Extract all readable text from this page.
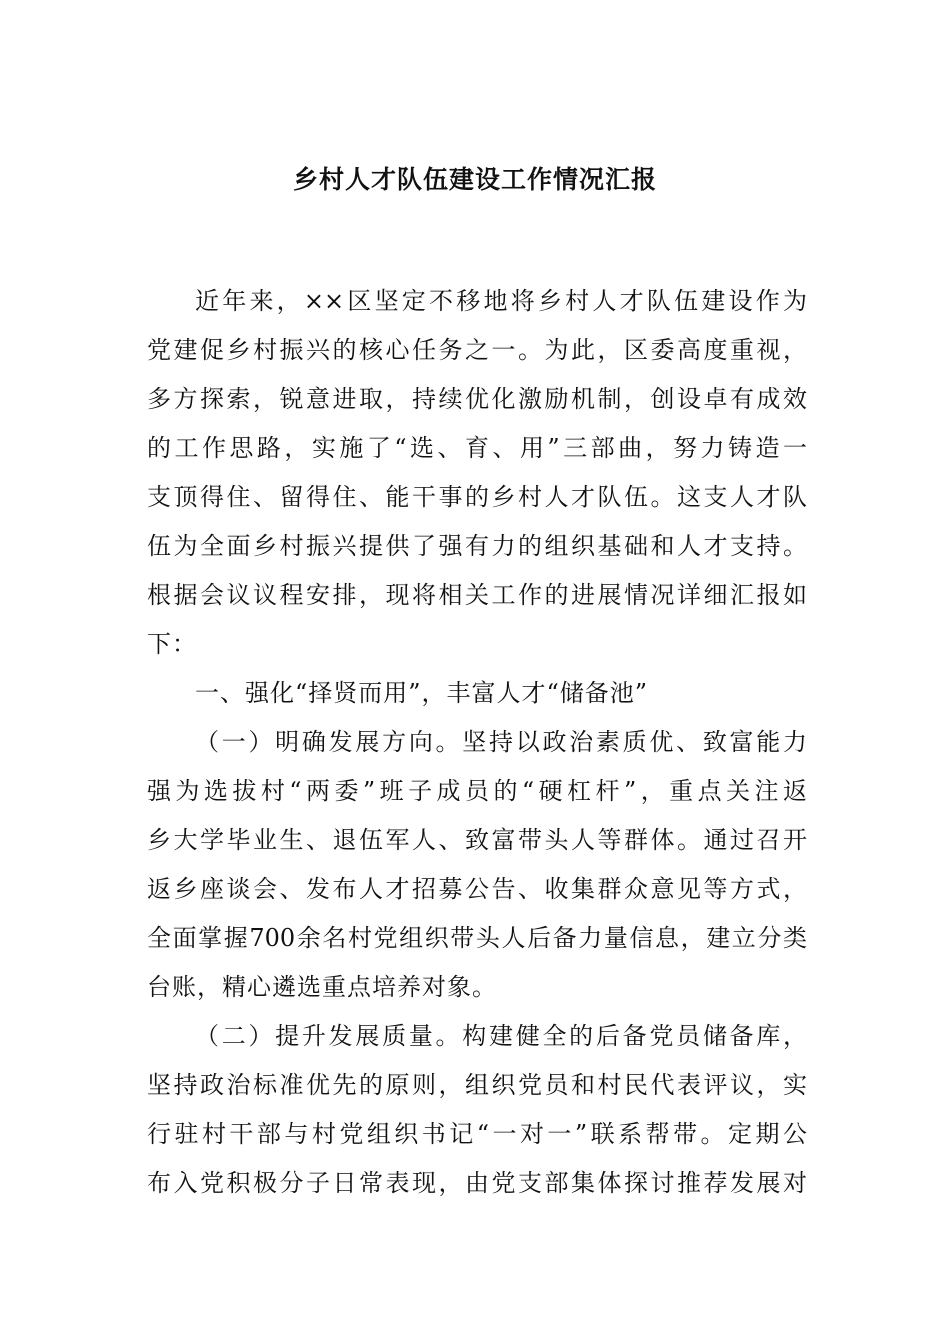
乡村人才队伍建设工作情况汇报
近年来，××区坚定不移地将乡村人才队伍建设作为
党建促乡村振兴的核心任务之一。为此，区委高度重视，
多方探索，锐意进取，持续优化激励机制，创设卓有成效
的工作思路，实施了“选、育、用”三部曲，努力铸造一
支顶得住、留得住、能干事的乡村人才队伍。这支人才队
伍为全面乡村振兴提供了强有力的组织基础和人才支持。
根据会议议程安排，现将相关工作的进展情况详细汇报如
下：
一、强化“择贤而用”，丰富人才“储备池”
（一）明确发展方向。坚持以政治素质优、致富能力
强为选拔村“两委”班子成员的“硬杠杆”，重点关注返
乡大学毕业生、退伍军人、致富带头人等群体。通过召开
返乡座谈会、发布人才招募公告、收集群众意见等方式，
全面掌握700余名村党组织带头人后备力量信息，建立分类
台账，精心遴选重点培养对象。
（二）提升发展质量。构建健全的后备党员储备库，
坚持政治标准优先的原则，组织党员和村民代表评议，实
行驻村干部与村党组织书记“一对一”联系帮带。定期公
布入党积极分子日常表现，由党支部集体探讨推荐发展对
